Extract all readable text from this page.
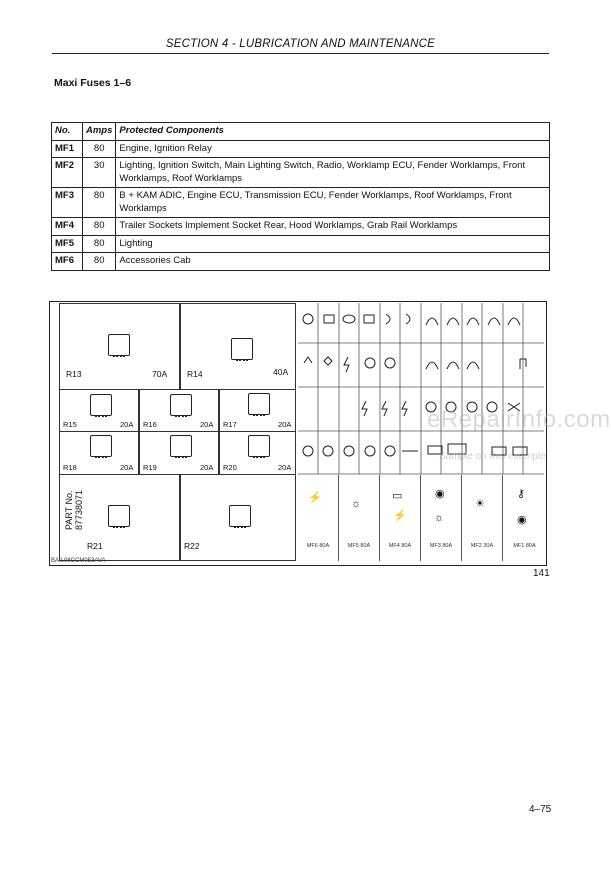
SECTION 4 - LUBRICATION AND MAINTENANCE
Maxi Fuses 1–6
No.	Amps	Protected Components
MF1	80	Engine, Ignition Relay
MF2	30	Lighting, Ignition Switch, Main Lighting Switch, Radio, Worklamp ECU, Fender Worklamps, Front Worklamps, Roof Worklamps
MF3	80	B + KAM ADIC, Engine ECU, Transmission ECU, Fender Worklamps, Roof Worklamps, Front Worklamps
MF4	80	Trailer Sockets Implement Socket Rear, Hood Worklamps, Grab Rail Worklamps
MF5	80	Lighting
MF6	80	Accessories Cab
R13	70A R14	40A
R15	20A R16	20A R17	20A
R18	20A R19	20A R20	20A
R21	R22
PART No. 87738071	⚡
MF6 80A
☼
MF5 80A
▭
⚡
MF4 80A
◉
☼
MF3 80A
☀
MF2 30A
⚷
◉
MF1 80A
BAIL08CCM053AVA
eRepairInfo.com
Sample on this example
141
4–75
